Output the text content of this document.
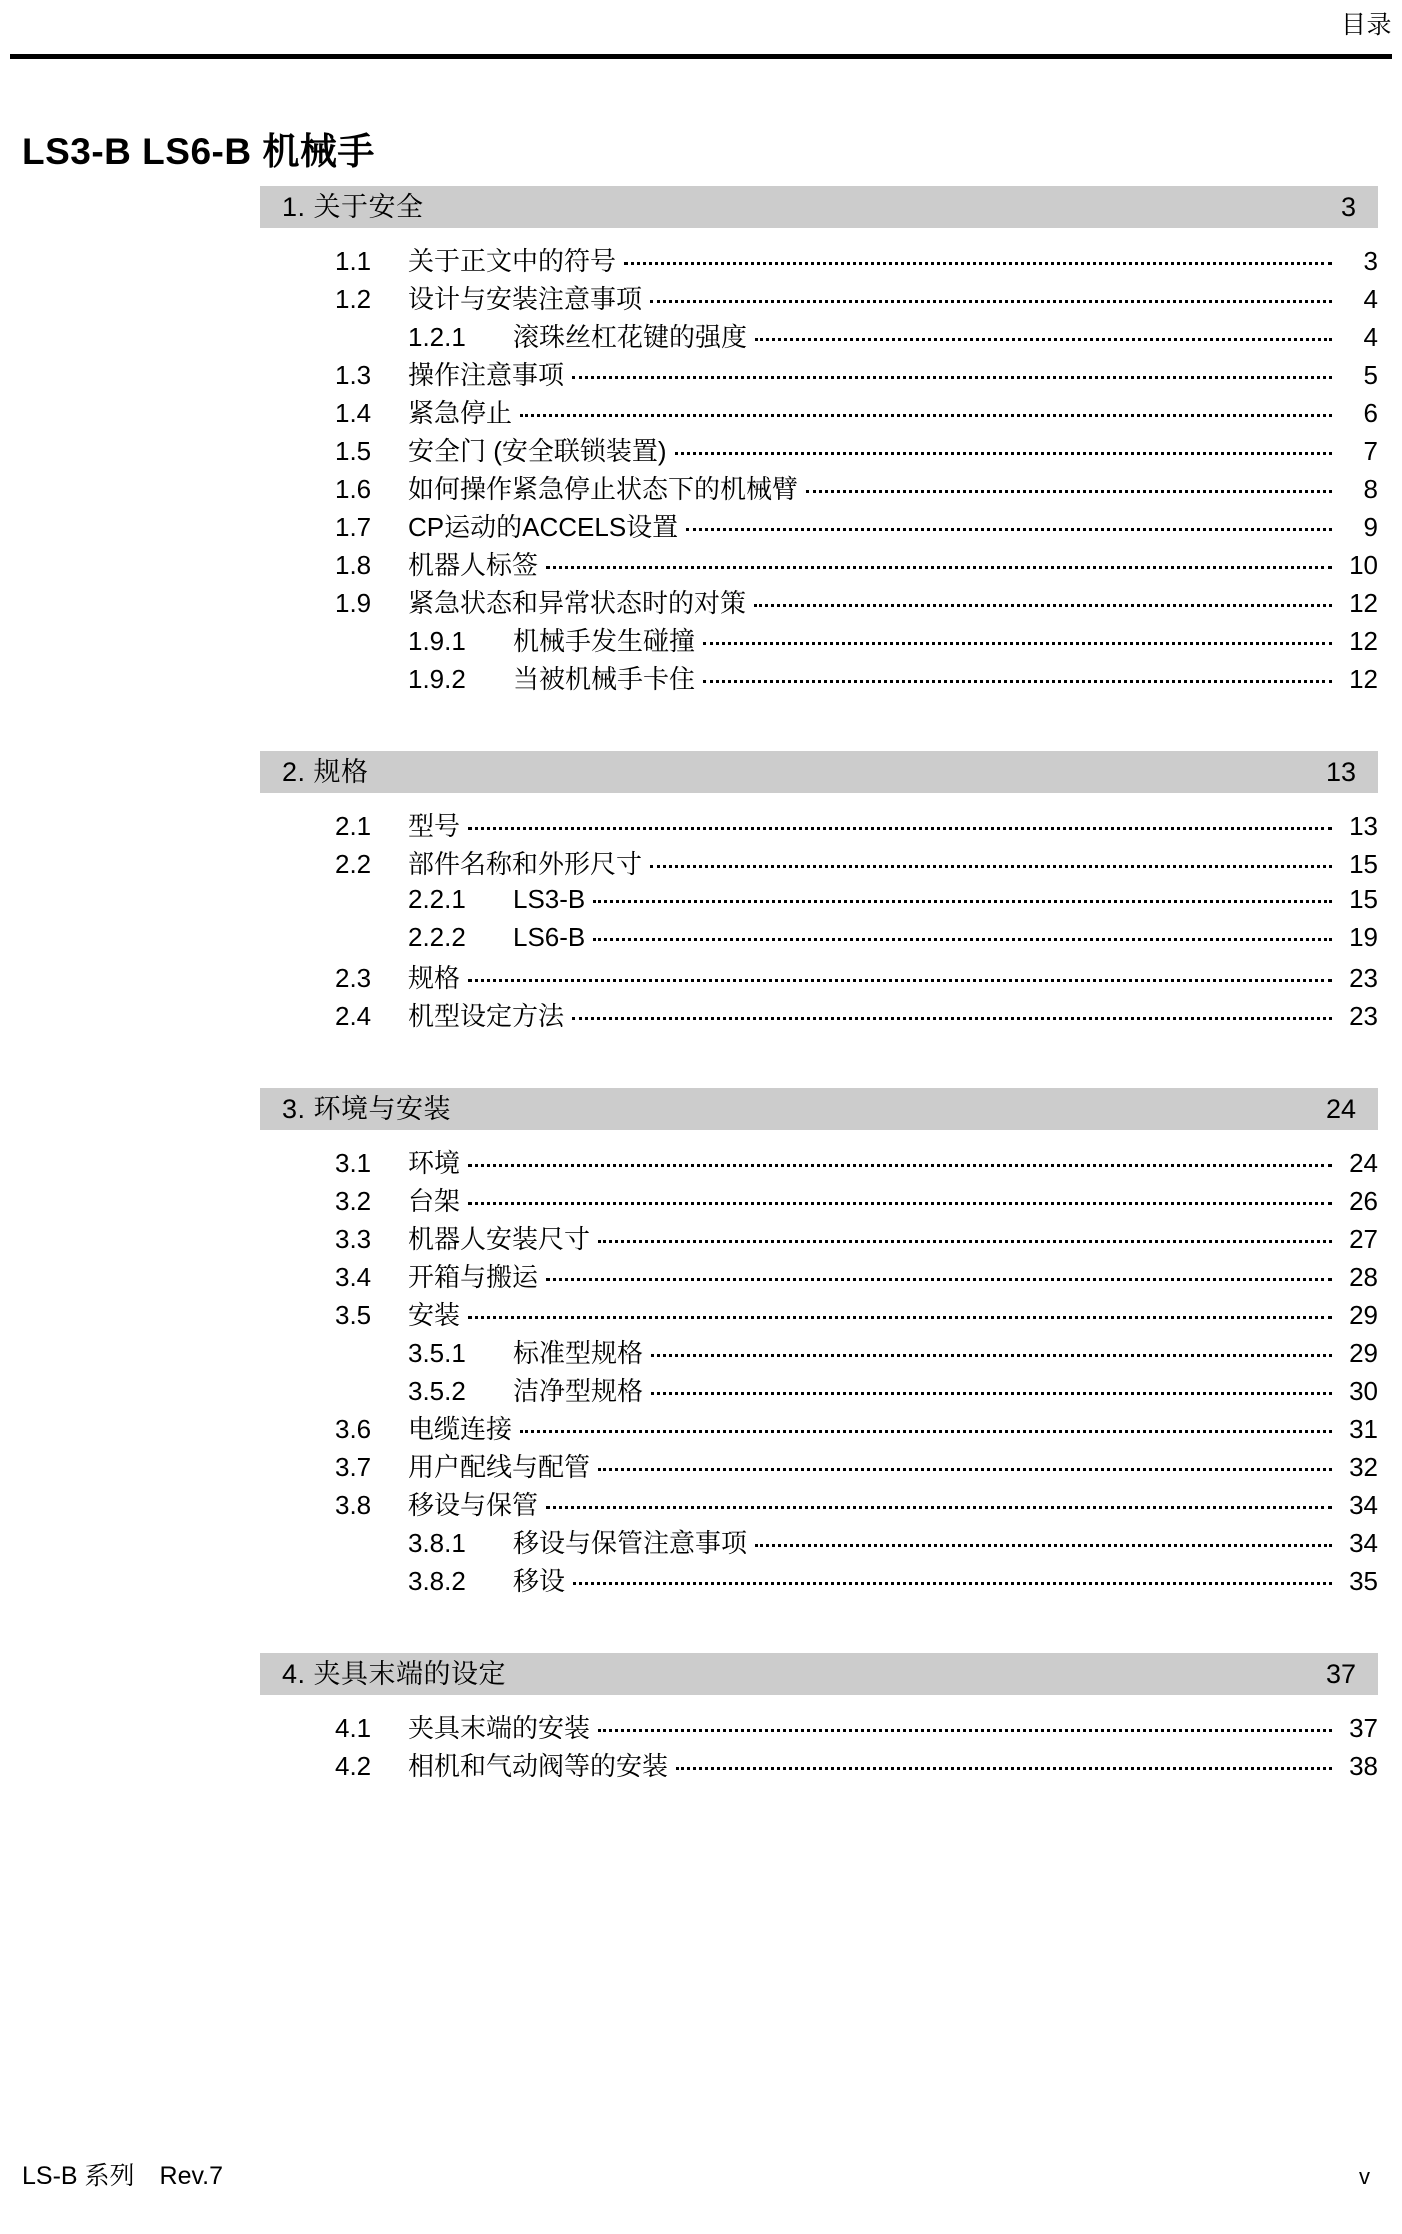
目录
LS3-B LS6-B 机械手
1. 关于安全	3
1.1	关于正文中的符号	3
1.2	设计与安装注意事项	4
1.2.1	滚珠丝杠花键的强度	4
1.3	操作注意事项	5
1.4	紧急停止	6
1.5	安全门 (安全联锁装置)	7
1.6	如何操作紧急停止状态下的机械臂	8
1.7	CP运动的ACCELS设置	9
1.8	机器人标签	10
1.9	紧急状态和异常状态时的对策	12
1.9.1	机械手发生碰撞	12
1.9.2	当被机械手卡住	12
2. 规格	13
2.1	型号	13
2.2	部件名称和外形尺寸	15
2.2.1	LS3-B	15
2.2.2	LS6-B	19
2.3	规格	23
2.4	机型设定方法	23
3. 环境与安装	24
3.1	环境	24
3.2	台架	26
3.3	机器人安装尺寸	27
3.4	开箱与搬运	28
3.5	安装	29
3.5.1	标准型规格	29
3.5.2	洁净型规格	30
3.6	电缆连接	31
3.7	用户配线与配管	32
3.8	移设与保管	34
3.8.1	移设与保管注意事项	34
3.8.2	移设	35
4. 夹具末端的设定	37
4.1	夹具末端的安装	37
4.2	相机和气动阀等的安装	38
LS-B 系列　Rev.7	v
